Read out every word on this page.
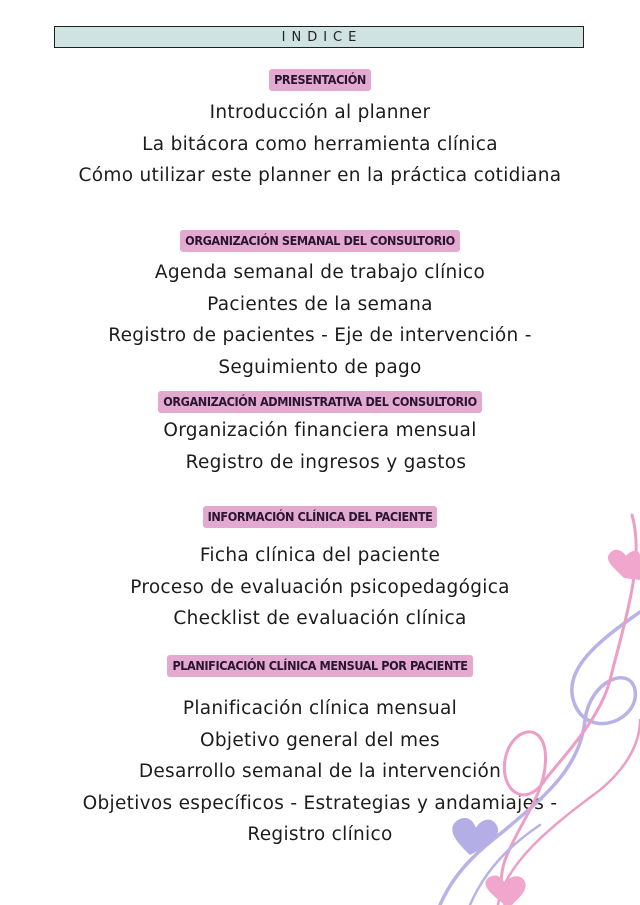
INDICE
PRESENTACIÓN
Introducción al planner
La bitácora como herramienta clínica
Cómo utilizar este planner en la práctica cotidiana
ORGANIZACIÓN SEMANAL DEL CONSULTORIO
Agenda semanal de trabajo clínico
Pacientes de la semana
Registro de pacientes - Eje de intervención -
Seguimiento de pago
ORGANIZACIÓN ADMINISTRATIVA DEL CONSULTORIO
Organización financiera mensual
Registro de ingresos y gastos
INFORMACIÓN CLÍNICA DEL PACIENTE
Ficha clínica del paciente
Proceso de evaluación psicopedagógica
Checklist de evaluación clínica
PLANIFICACIÓN CLÍNICA MENSUAL POR PACIENTE
Planificación clínica mensual
Objetivo general del mes
Desarrollo semanal de la intervención
Objetivos específicos - Estrategias y andamiajes -
Registro clínico
